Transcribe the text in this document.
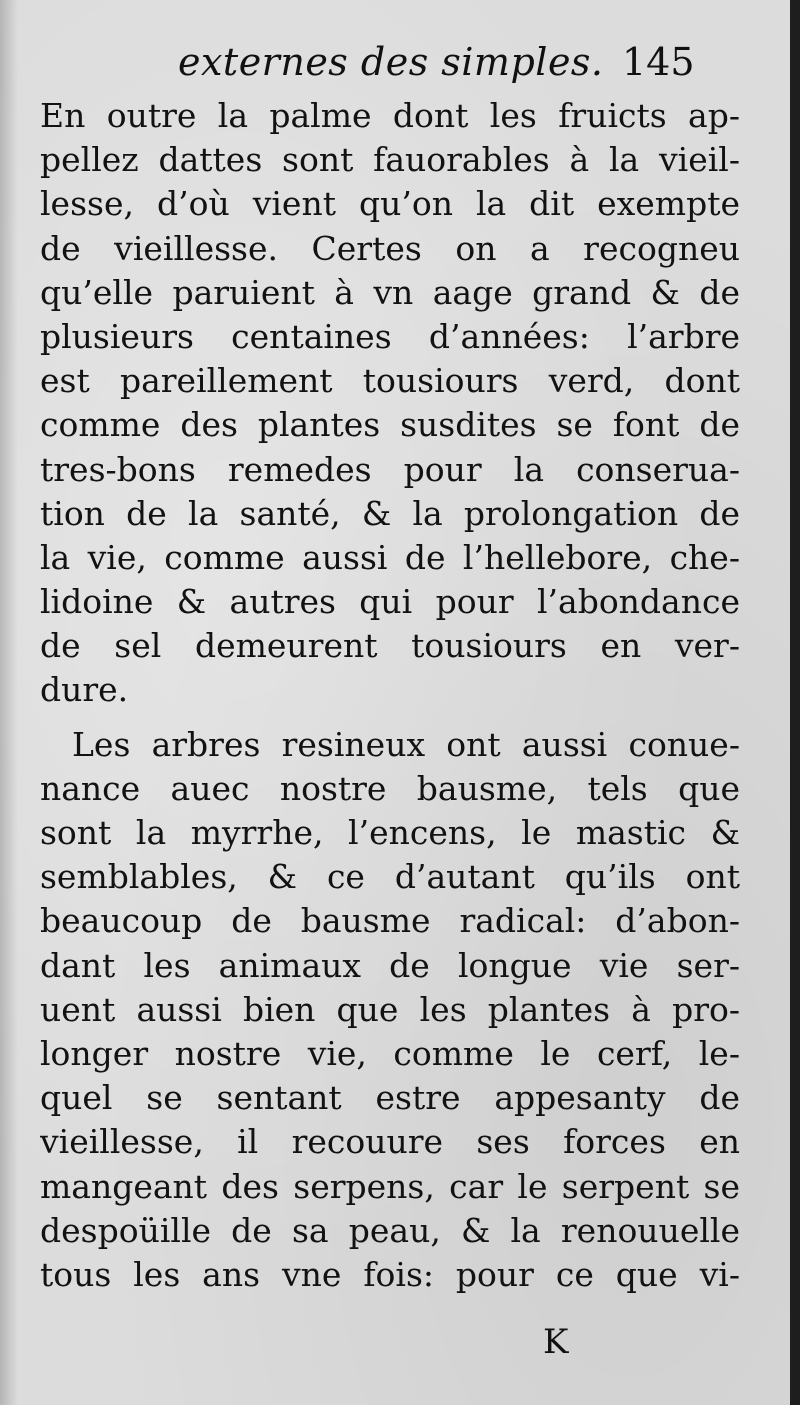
externes des simples. 145
En outre la palme dont les fruicts ap-
pellez dattes sont fauorables à la vieil-
lesse, d’où vient qu’on la dit exempte
de vieillesse. Certes on a recogneu
qu’elle paruient à vn aage grand & de
plusieurs centaines d’années: l’arbre
est pareillement tousiours verd, dont
comme des plantes susdites se font de
tres-bons remedes pour la conserua-
tion de la santé, & la prolongation de
la vie, comme aussi de l’hellebore, che-
lidoine & autres qui pour l’abondance
de sel demeurent tousiours en ver-
dure.
Les arbres resineux ont aussi conue-
nance auec nostre bausme, tels que
sont la myrrhe, l’encens, le mastic &
semblables, & ce d’autant qu’ils ont
beaucoup de bausme radical: d’abon-
dant les animaux de longue vie ser-
uent aussi bien que les plantes à pro-
longer nostre vie, comme le cerf, le-
quel se sentant estre appesanty de
vieillesse, il recouure ses forces en
mangeant des serpens, car le serpent se
despoüille de sa peau, & la renouuelle
tous les ans vne fois: pour ce que vi-
K
